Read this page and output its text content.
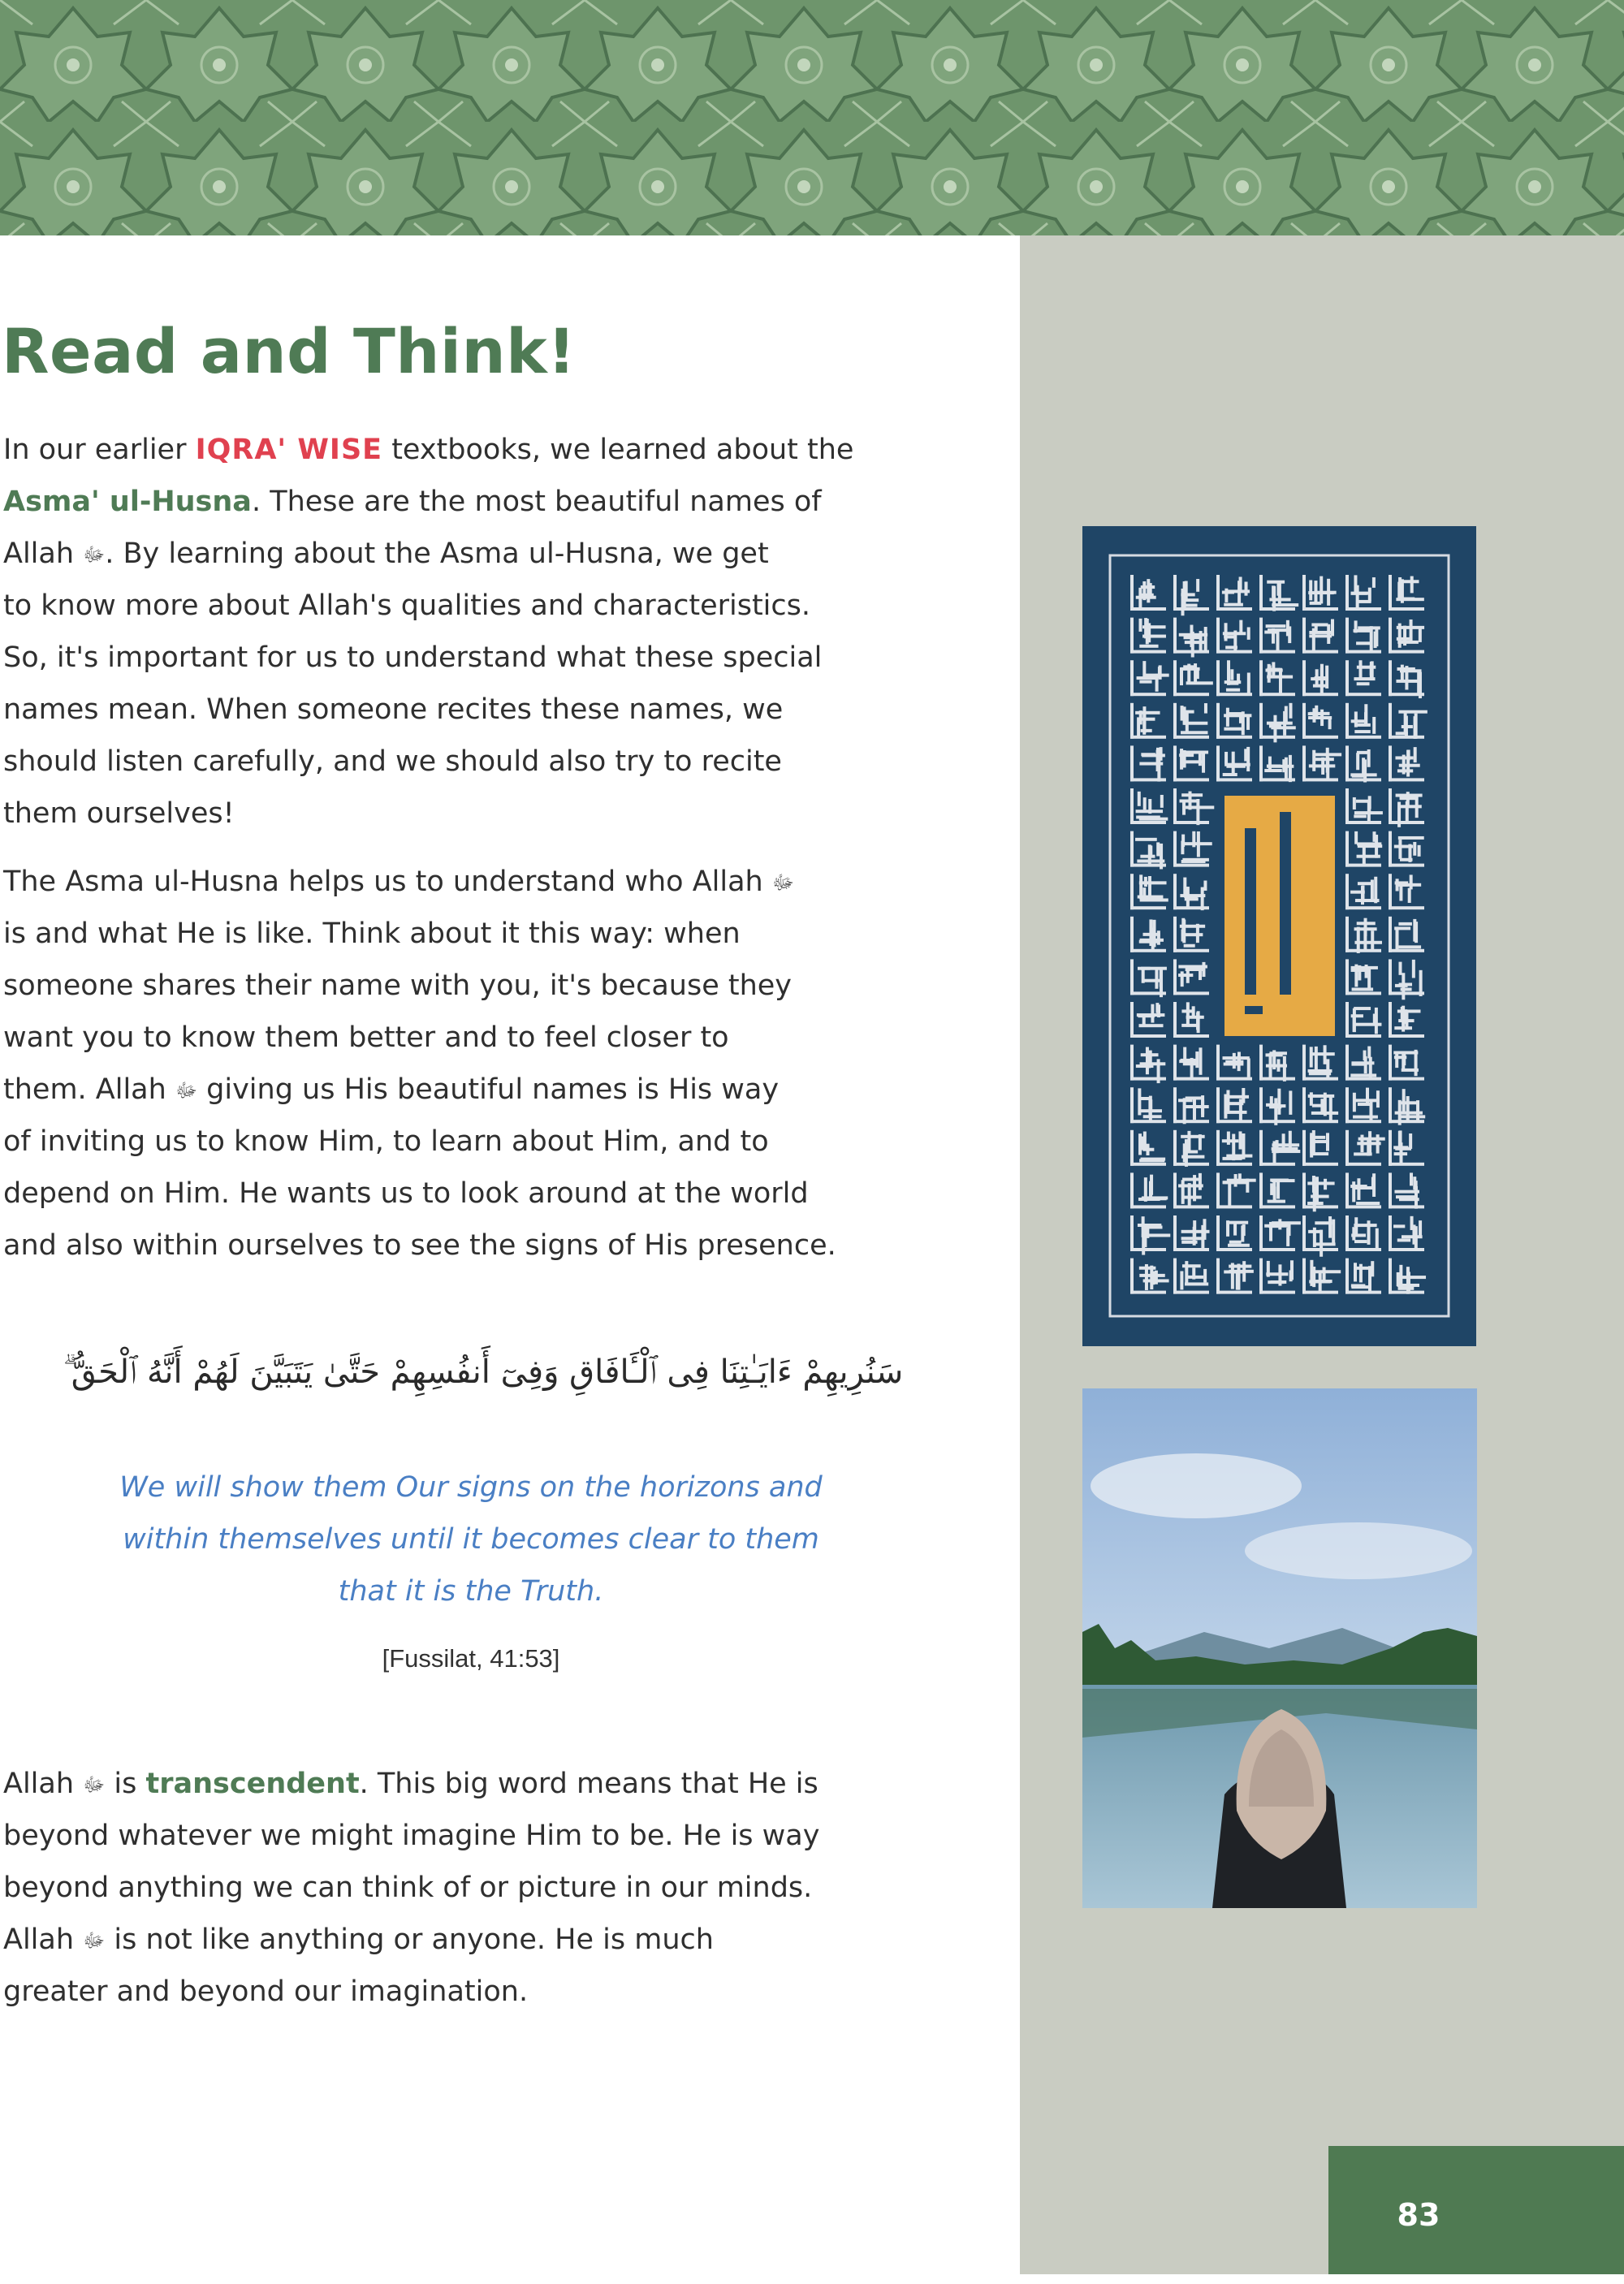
Read and Think!
In our earlier IQRA' WISE textbooks, we learned about the
Asma' ul-Husna. These are the most beautiful names of
Allah ﷻ. By learning about the Asma ul-Husna, we get
to know more about Allah's qualities and characteristics.
So, it's important for us to understand what these special
names mean. When someone recites these names, we
should listen carefully, and we should also try to recite
them ourselves!
The Asma ul-Husna helps us to understand who Allah ﷻ
is and what He is like. Think about it this way: when
someone shares their name with you, it's because they
want you to know them better and to feel closer to
them. Allah ﷻ giving us His beautiful names is His way
of inviting us to know Him, to learn about Him, and to
depend on Him. He wants us to look around at the world
and also within ourselves to see the signs of His presence.
سَنُرِيهِمْ ءَايَـٰتِنَا فِى ٱلْـَٔافَاقِ وَفِىٓ أَنفُسِهِمْ حَتَّىٰ يَتَبَيَّنَ لَهُمْ أَنَّهُ ٱلْحَقُّ ۗ
We will show them Our signs on the horizons and
within themselves until it becomes clear to them
that it is the Truth.
[Fussilat, 41:53]
Allah ﷻ is transcendent. This big word means that He is
beyond whatever we might imagine Him to be. He is way
beyond anything we can think of or picture in our minds.
Allah ﷻ is not like anything or anyone. He is much
greater and beyond our imagination.
83
